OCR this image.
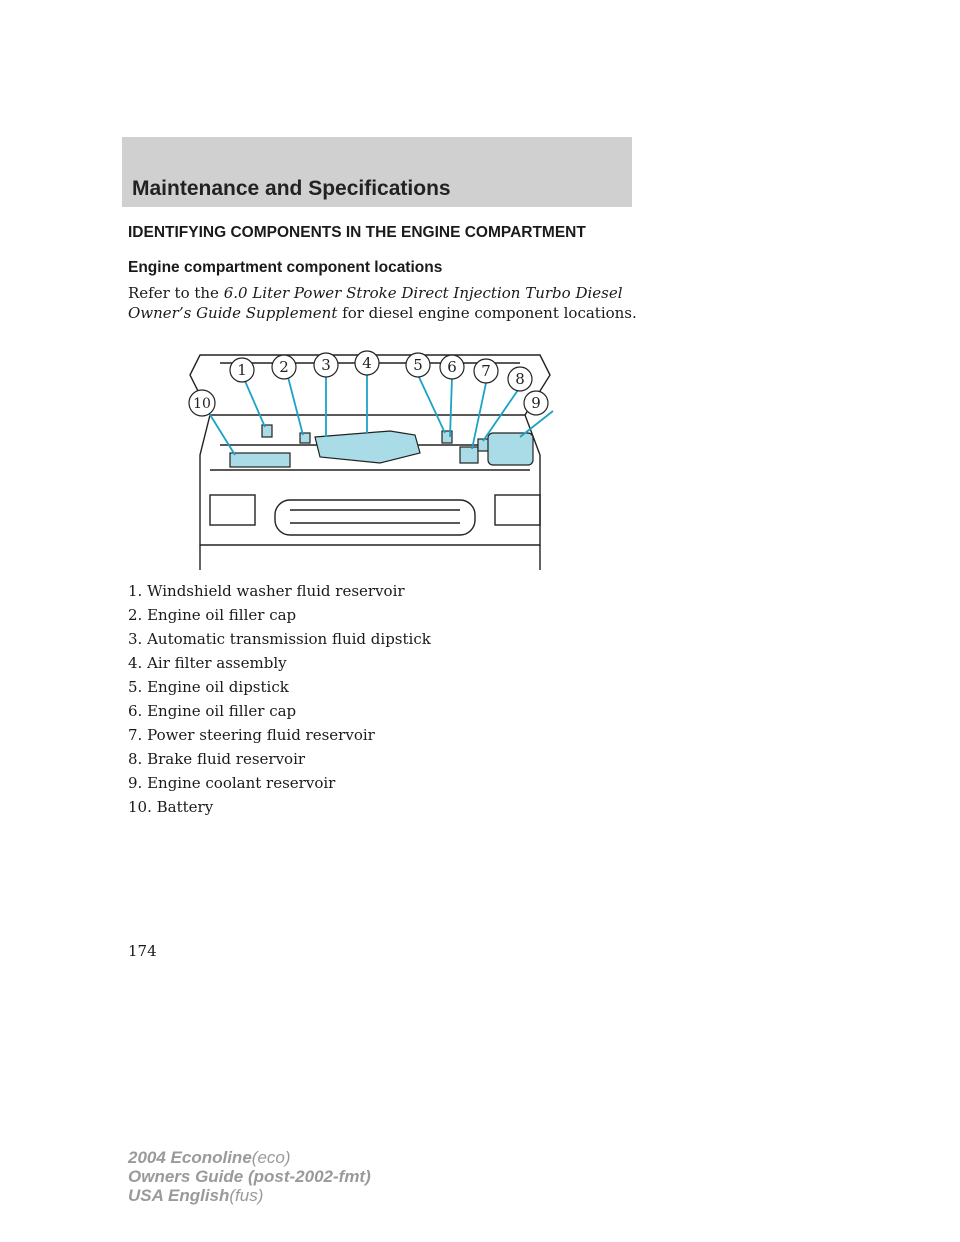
Maintenance and Specifications
IDENTIFYING COMPONENTS IN THE ENGINE COMPARTMENT
Engine compartment component locations
Refer to the 6.0 Liter Power Stroke Direct Injection Turbo Diesel Owner’s Guide Supplement for diesel engine component locations.
1 2 3 4	5 6 7 8
9
10
1. Windshield washer fluid reservoir
2. Engine oil filler cap
3. Automatic transmission fluid dipstick
4. Air filter assembly
5. Engine oil dipstick
6. Engine oil filler cap
7. Power steering fluid reservoir
8. Brake fluid reservoir
9. Engine coolant reservoir
10. Battery
174
2004 Econoline(eco)
Owners Guide (post-2002-fmt)
USA English(fus)
